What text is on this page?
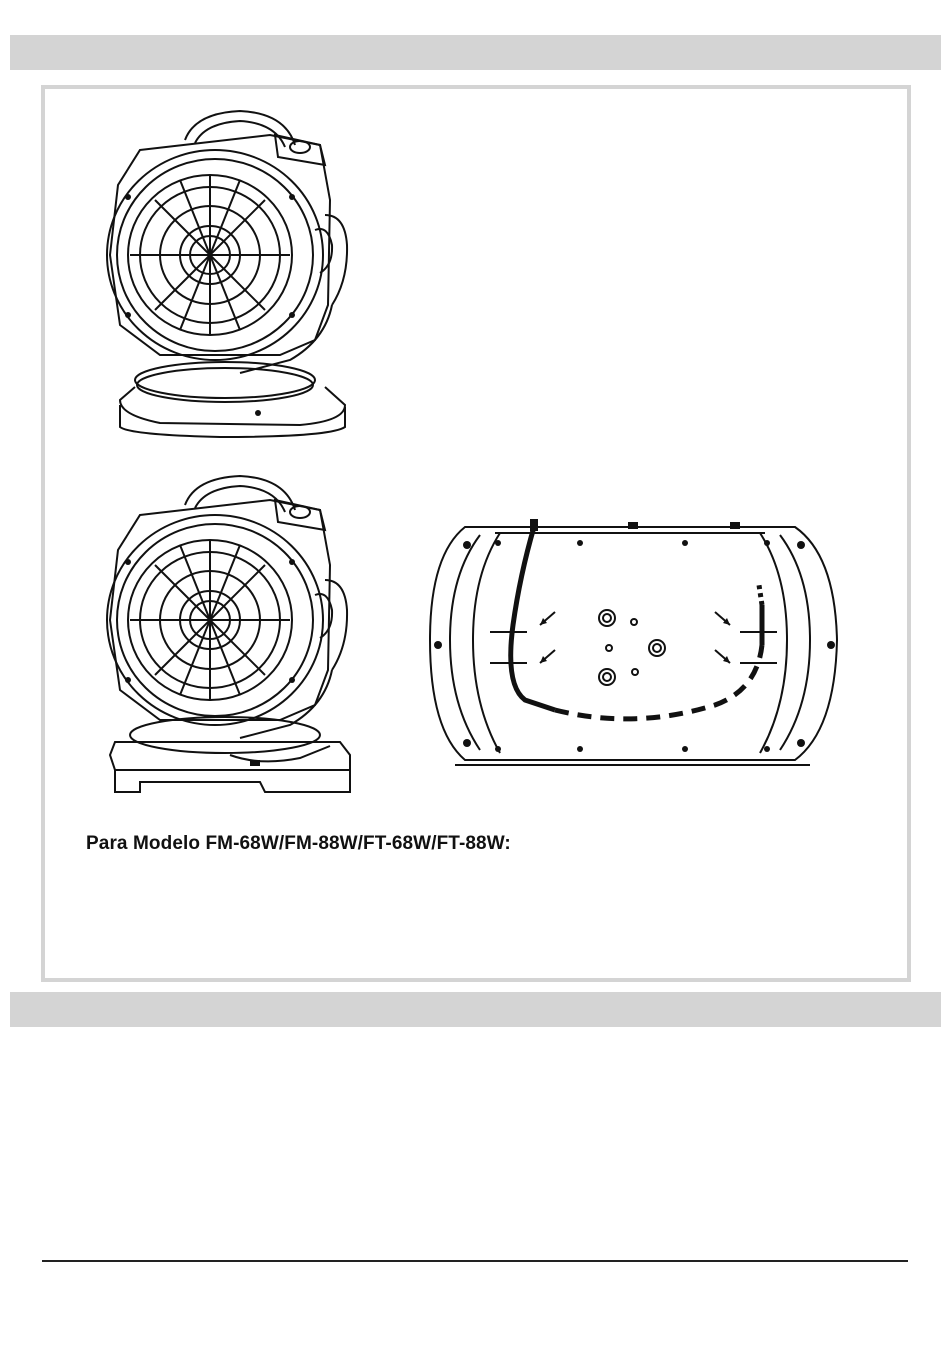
Para Modelo FM-68W/FM-88W/FT-68W/FT-88W:
